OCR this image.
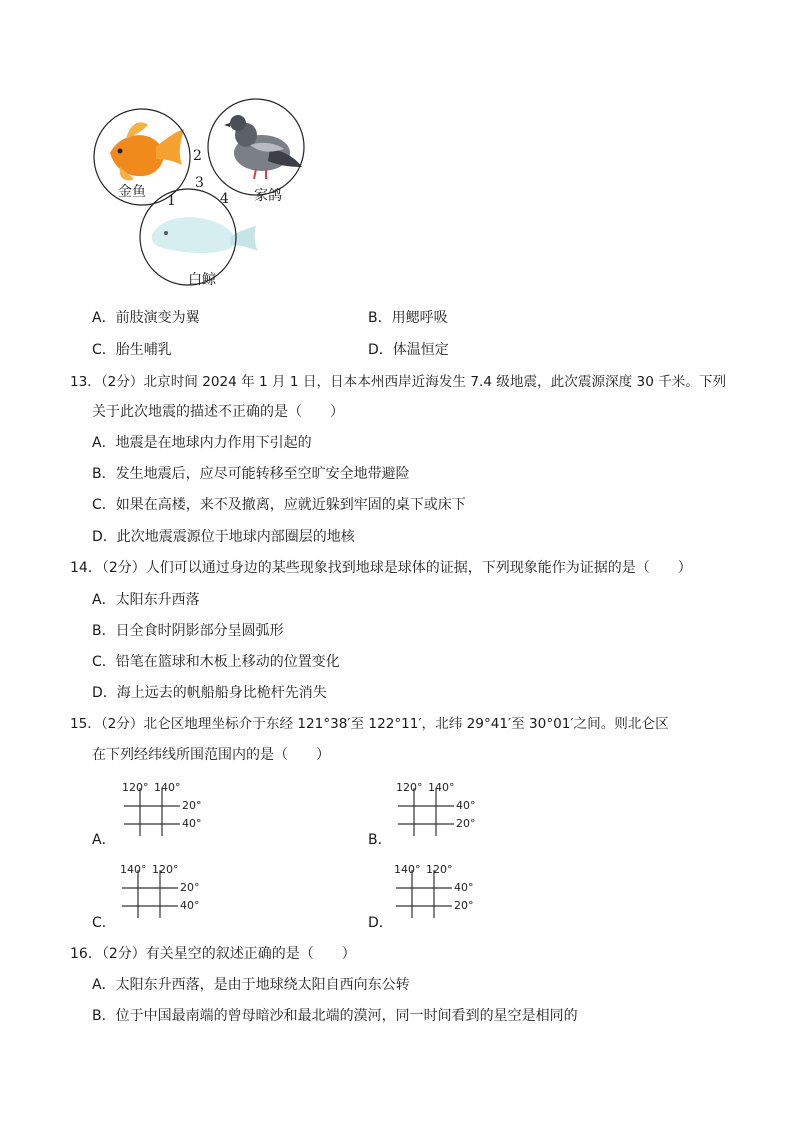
金鱼	家鸽
白鲸
1
2
3
4
A．前肢演变为翼	B．用鳃呼吸
C．胎生哺乳	D．体温恒定
13．（2分）北京时间 2024 年 1 月 1 日，日本本州西岸近海发生 7.4 级地震，此次震源深度 30 千米。下列
关于此次地震的描述不正确的是（　　）
A．地震是在地球内力作用下引起的
B．发生地震后，应尽可能转移至空旷安全地带避险
C．如果在高楼，来不及撤离，应就近躲到牢固的桌下或床下
D．此次地震震源位于地球内部圈层的地核
14．（2分）人们可以通过身边的某些现象找到地球是球体的证据，下列现象能作为证据的是（　　）
A．太阳东升西落
B．日全食时阴影部分呈圆弧形
C．铅笔在篮球和木板上移动的位置变化
D．海上远去的帆船船身比桅杆先消失
15．（2分）北仑区地理坐标介于东经 121°38′至 122°11′，北纬 29°41′至 30°01′之间。则北仑区
在下列经纬线所围范围内的是（　　）
A．
120° 140°
20°
40°
B．
120° 140°
40°
20°
C．
140° 120°
20°
40°
D．
140° 120°
40°
20°
16．（2分）有关星空的叙述正确的是（　　）
A．太阳东升西落，是由于地球绕太阳自西向东公转
B．位于中国最南端的曾母暗沙和最北端的漠河，同一时间看到的星空是相同的
